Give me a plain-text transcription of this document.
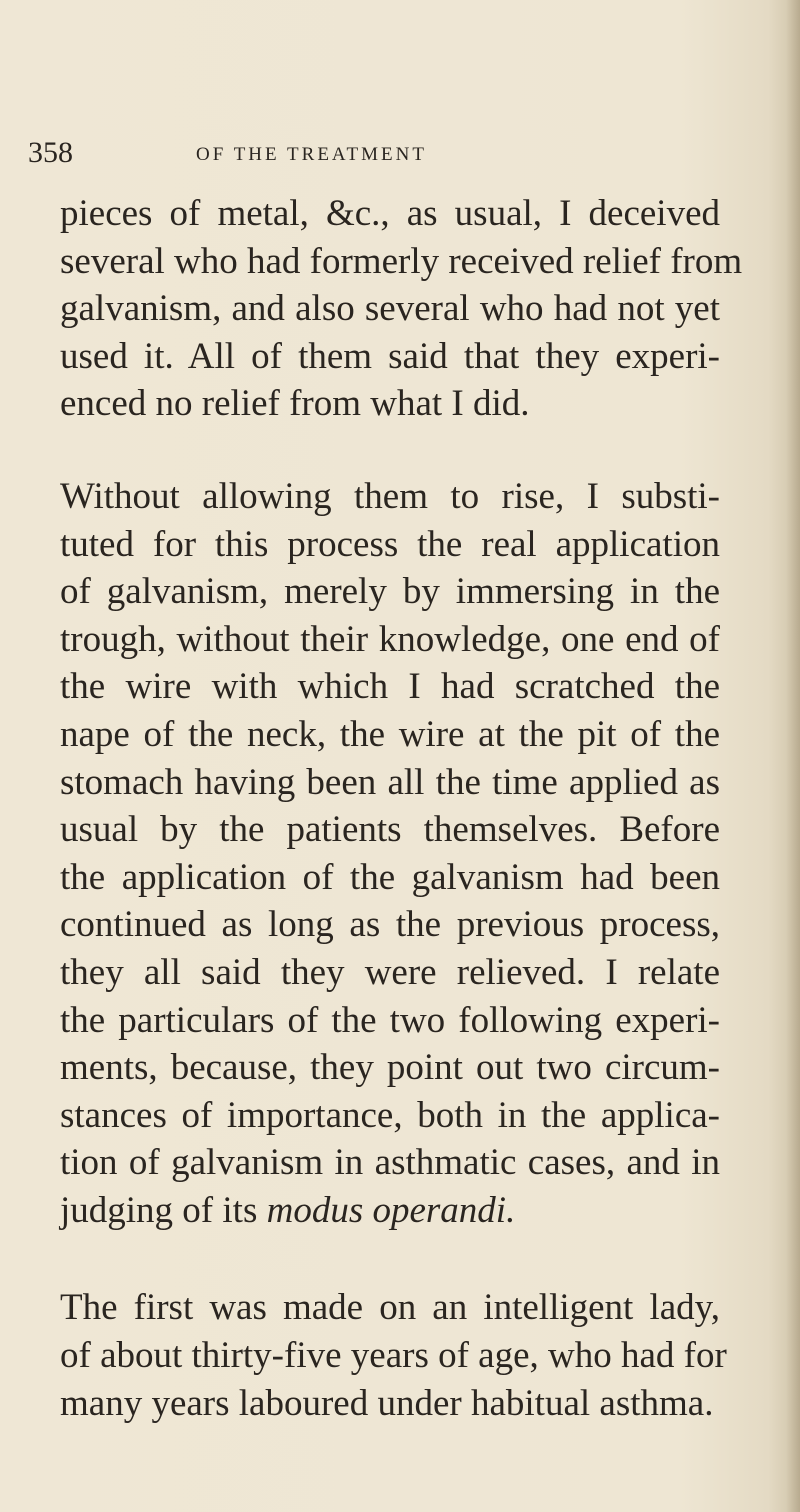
358	OF THE TREATMENT

pieces of metal, &c., as usual, I deceived
several who had formerly received relief from
galvanism, and also several who had not yet
used it. All of them said that they experi-
enced no relief from what I did.

Without allowing them to rise, I substi-
tuted for this process the real application
of galvanism, merely by immersing in the
trough, without their knowledge, one end of
the wire with which I had scratched the
nape of the neck, the wire at the pit of the
stomach having been all the time applied as
usual by the patients themselves. Before
the application of the galvanism had been
continued as long as the previous process,
they all said they were relieved. I relate
the particulars of the two following experi-
ments, because, they point out two circum-
stances of importance, both in the applica-
tion of galvanism in asthmatic cases, and in
judging of its modus operandi.

The first was made on an intelligent lady,
of about thirty-five years of age, who had for
many years laboured under habitual asthma.
